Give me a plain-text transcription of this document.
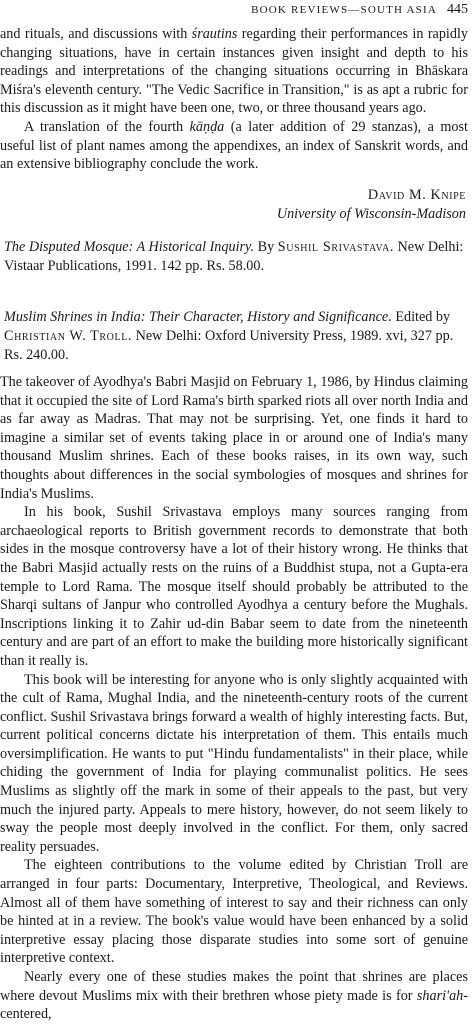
BOOK REVIEWS—SOUTH ASIA 445

and rituals, and discussions with śrautins regarding their performances in rapidly changing situations, have in certain instances given insight and depth to his readings and interpretations of the changing situations occurring in Bhāskara Miśra's eleventh century. "The Vedic Sacrifice in Transition," is as apt a rubric for this discussion as it might have been one, two, or three thousand years ago.

A translation of the fourth kāṇḍa (a later addition of 29 stanzas), a most useful list of plant names among the appendixes, an index of Sanskrit words, and an extensive bibliography conclude the work.

David M. Knipe
University of Wisconsin-Madison
The Disputed Mosque: A Historical Inquiry. By Sushil Srivastava. New Delhi: Vistaar Publications, 1991. 142 pp. Rs. 58.00.
Muslim Shrines in India: Their Character, History and Significance. Edited by Christian W. Troll. New Delhi: Oxford University Press, 1989. xvi, 327 pp. Rs. 240.00.

The takeover of Ayodhya's Babri Masjid on February 1, 1986, by Hindus claiming that it occupied the site of Lord Rama's birth sparked riots all over north India and as far away as Madras. That may not be surprising. Yet, one finds it hard to imagine a similar set of events taking place in or around one of India's many thousand Muslim shrines. Each of these books raises, in its own way, such thoughts about differences in the social symbologies of mosques and shrines for India's Muslims.

In his book, Sushil Srivastava employs many sources ranging from archaeological reports to British government records to demonstrate that both sides in the mosque controversy have a lot of their history wrong. He thinks that the Babri Masjid actually rests on the ruins of a Buddhist stupa, not a Gupta-era temple to Lord Rama. The mosque itself should probably be attributed to the Sharqi sultans of Janpur who controlled Ayodhya a century before the Mughals. Inscriptions linking it to Zahir ud-din Babar seem to date from the nineteenth century and are part of an effort to make the building more historically significant than it really is.

This book will be interesting for anyone who is only slightly acquainted with the cult of Rama, Mughal India, and the nineteenth-century roots of the current conflict. Sushil Srivastava brings forward a wealth of highly interesting facts. But, current political concerns dictate his interpretation of them. This entails much oversimplification. He wants to put "Hindu fundamentalists" in their place, while chiding the government of India for playing communalist politics. He sees Muslims as slightly off the mark in some of their appeals to the past, but very much the injured party. Appeals to mere history, however, do not seem likely to sway the people most deeply involved in the conflict. For them, only sacred reality persuades.

The eighteen contributions to the volume edited by Christian Troll are arranged in four parts: Documentary, Interpretive, Theological, and Reviews. Almost all of them have something of interest to say and their richness can only be hinted at in a review. The book's value would have been enhanced by a solid interpretive essay placing those disparate studies into some sort of genuine interpretive context.

Nearly every one of these studies makes the point that shrines are places where devout Muslims mix with their brethren whose piety made is for shari'ah-centered,
